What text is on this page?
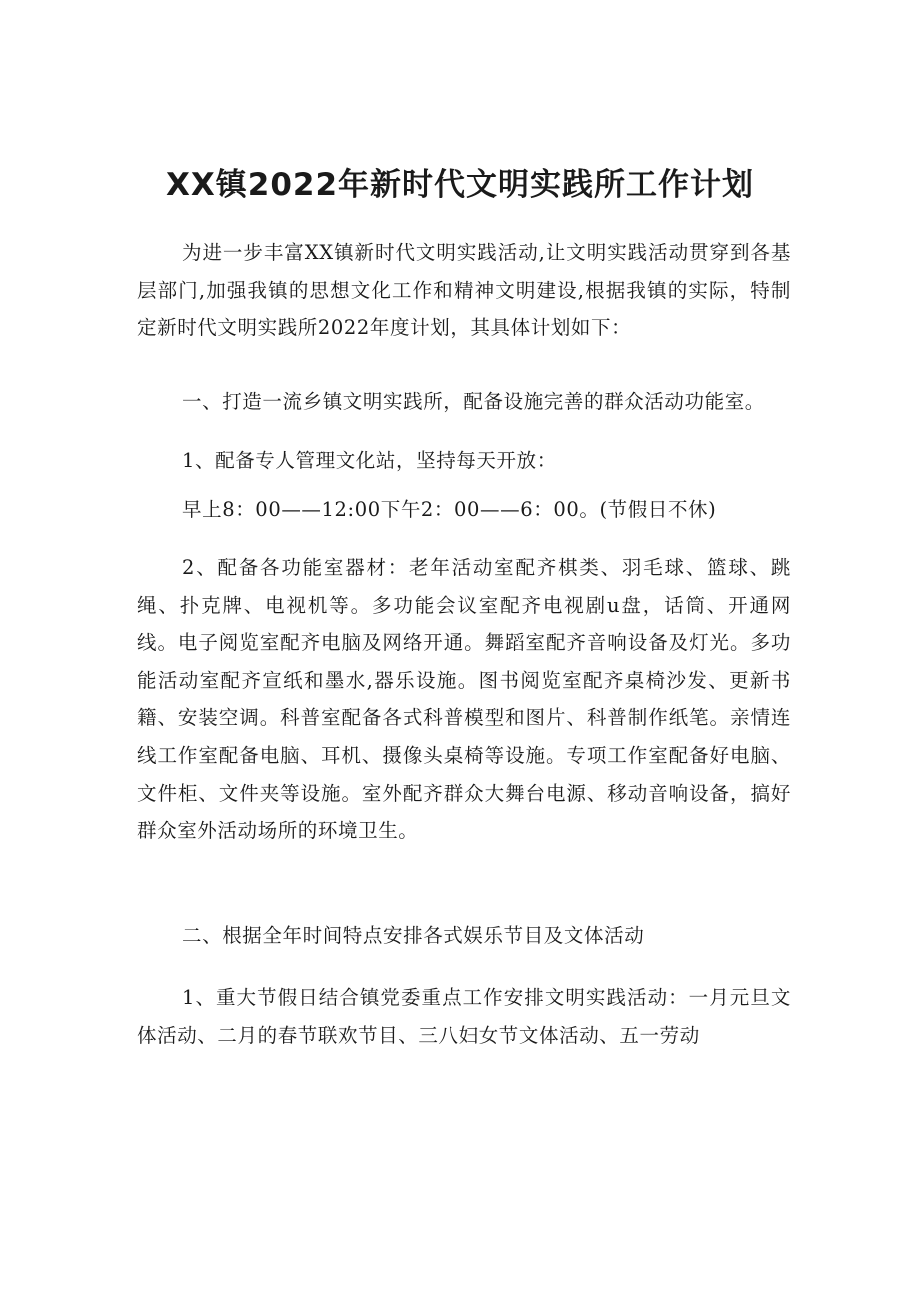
XX镇2022年新时代文明实践所工作计划

为进一步丰富XX镇新时代文明实践活动,让文明实践活动贯穿到各基层部门,加强我镇的思想文化工作和精神文明建设,根据我镇的实际，特制定新时代文明实践所2022年度计划，其具体计划如下：

一、打造一流乡镇文明实践所，配备设施完善的群众活动功能室。

1、配备专人管理文化站，坚持每天开放：

早上8：00——12:00下午2：00——6：00。(节假日不休)

2、配备各功能室器材：老年活动室配齐棋类、羽毛球、篮球、跳绳、扑克牌、电视机等。多功能会议室配齐电视剧u盘，话筒、开通网线。电子阅览室配齐电脑及网络开通。舞蹈室配齐音响设备及灯光。多功能活动室配齐宣纸和墨水,器乐设施。图书阅览室配齐桌椅沙发、更新书籍、安装空调。科普室配备各式科普模型和图片、科普制作纸笔。亲情连线工作室配备电脑、耳机、摄像头桌椅等设施。专项工作室配备好电脑、文件柜、文件夹等设施。室外配齐群众大舞台电源、移动音响设备，搞好群众室外活动场所的环境卫生。

二、根据全年时间特点安排各式娱乐节目及文体活动

1、重大节假日结合镇党委重点工作安排文明实践活动：一月元旦文体活动、二月的春节联欢节目、三八妇女节文体活动、五一劳动
